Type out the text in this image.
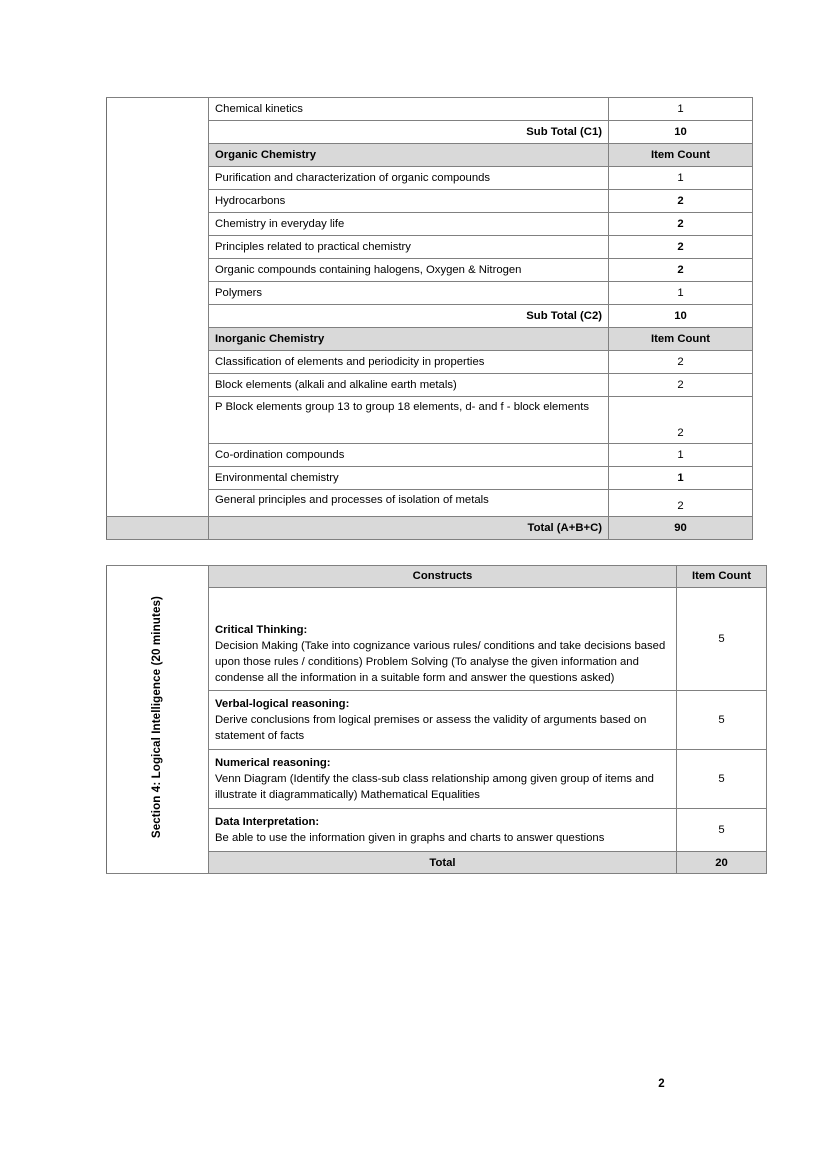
	Chemical kinetics	1
	Sub Total (C1)	10
	Organic Chemistry	Item Count
	Purification and characterization of organic compounds	1
	Hydrocarbons	2
	Chemistry in everyday life	2
	Principles related to practical chemistry	2
	Organic compounds containing halogens, Oxygen & Nitrogen	2
	Polymers	1
	Sub Total (C2)	10
	Inorganic Chemistry	Item Count
	Classification of elements and periodicity in properties	2
	Block elements (alkali and alkaline earth metals)	2
	P Block elements group 13 to group 18 elements, d- and f - block elements	2
	Co-ordination compounds	1
	Environmental chemistry	1
	General principles and processes of isolation of metals	2
	Total (A+B+C)	90
Section 4: Logical Intelligence (20 minutes)	Constructs	Item Count

	Critical Thinking:
Decision Making (Take into cognizance various rules/ conditions and take decisions based upon those rules / conditions) Problem Solving (To analyse the given information and condense all the information in a suitable form and answer the questions asked)	5

	Verbal-logical reasoning:
Derive conclusions from logical premises or assess the validity of arguments based on statement of facts	5

	Numerical reasoning:
Venn Diagram (Identify the class-sub class relationship among given group of items and illustrate it diagrammatically) Mathematical Equalities	5

	Data Interpretation:
Be able to use the information given in graphs and charts to answer questions	5
	Total	20
2
